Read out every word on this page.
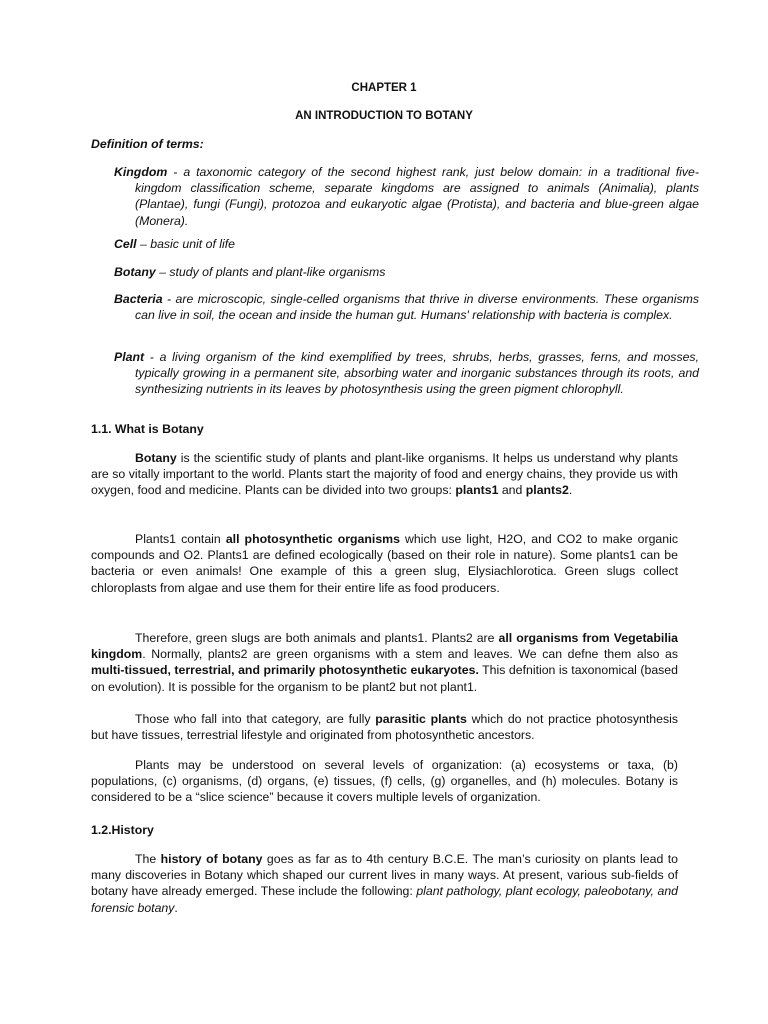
CHAPTER 1
AN INTRODUCTION TO BOTANY
Definition of terms:
Kingdom - a taxonomic category of the second highest rank, just below domain: in a traditional five-kingdom classification scheme, separate kingdoms are assigned to animals (Animalia), plants (Plantae), fungi (Fungi), protozoa and eukaryotic algae (Protista), and bacteria and blue-green algae (Monera).
Cell – basic unit of life
Botany – study of plants and plant-like organisms
Bacteria - are microscopic, single-celled organisms that thrive in diverse environments. These organisms can live in soil, the ocean and inside the human gut. Humans' relationship with bacteria is complex.
Plant - a living organism of the kind exemplified by trees, shrubs, herbs, grasses, ferns, and mosses, typically growing in a permanent site, absorbing water and inorganic substances through its roots, and synthesizing nutrients in its leaves by photosynthesis using the green pigment chlorophyll.
1.1. What is Botany
Botany is the scientific study of plants and plant-like organisms. It helps us understand why plants are so vitally important to the world. Plants start the majority of food and energy chains, they provide us with oxygen, food and medicine. Plants can be divided into two groups: plants1 and plants2.
Plants1 contain all photosynthetic organisms which use light, H2O, and CO2 to make organic compounds and O2. Plants1 are defined ecologically (based on their role in nature). Some plants1 can be bacteria or even animals! One example of this a green slug, Elysiachlorotica. Green slugs collect chloroplasts from algae and use them for their entire life as food producers.
Therefore, green slugs are both animals and plants1. Plants2 are all organisms from Vegetabilia kingdom. Normally, plants2 are green organisms with a stem and leaves. We can defne them also as multi-tissued, terrestrial, and primarily photosynthetic eukaryotes. This defnition is taxonomical (based on evolution). It is possible for the organism to be plant2 but not plant1.
Those who fall into that category, are fully parasitic plants which do not practice photosynthesis but have tissues, terrestrial lifestyle and originated from photosynthetic ancestors.
Plants may be understood on several levels of organization: (a) ecosystems or taxa, (b) populations, (c) organisms, (d) organs, (e) tissues, (f) cells, (g) organelles, and (h) molecules. Botany is considered to be a “slice science” because it covers multiple levels of organization.
1.2.History
The history of botany goes as far as to 4th century B.C.E. The man’s curiosity on plants lead to many discoveries in Botany which shaped our current lives in many ways. At present, various sub-fields of botany have already emerged. These include the following: plant pathology, plant ecology, paleobotany, and forensic botany.
